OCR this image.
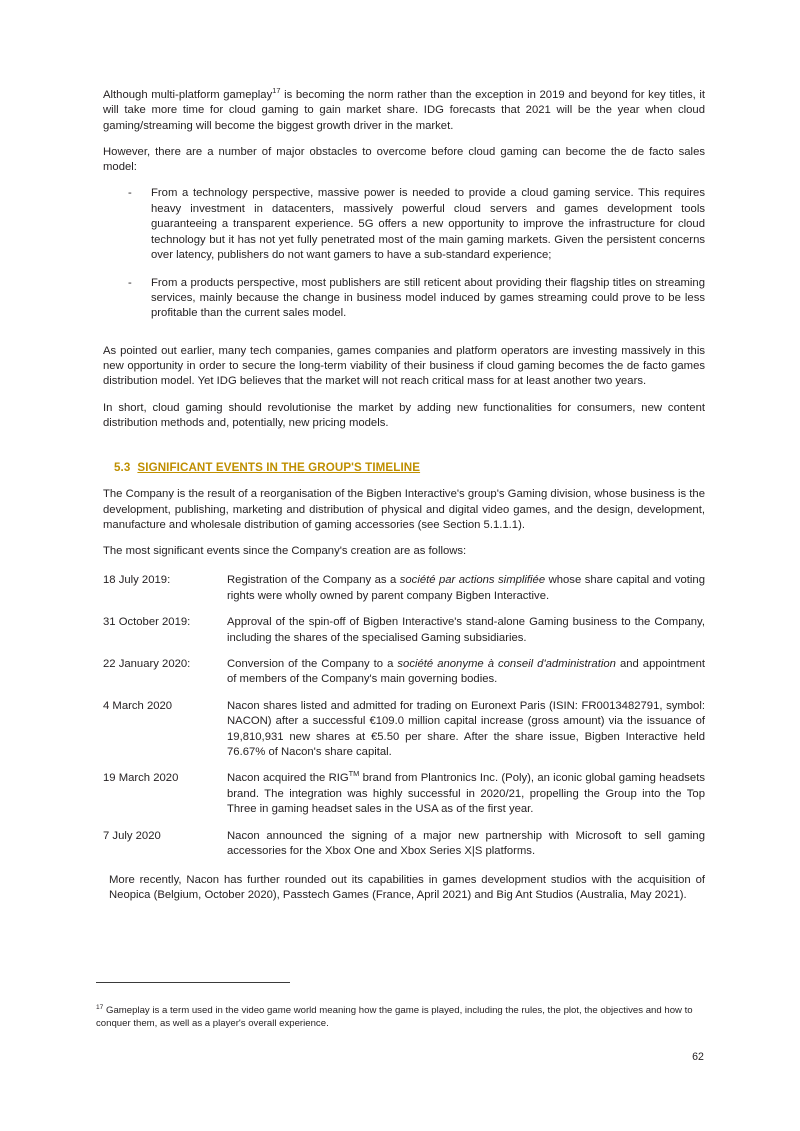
Although multi-platform gameplay$^{17}$ is becoming the norm rather than the exception in 2019 and beyond for key titles, it will take more time for cloud gaming to gain market share. IDG forecasts that 2021 will be the year when cloud gaming/streaming will become the biggest growth driver in the market.

However, there are a number of major obstacles to overcome before cloud gaming can become the de facto sales model:

- From a technology perspective, massive power is needed to provide a cloud gaming service. This requires heavy investment in datacenters, massively powerful cloud servers and games development tools guaranteeing a transparent experience. 5G offers a new opportunity to improve the infrastructure for cloud technology but it has not yet fully penetrated most of the main gaming markets. Given the persistent concerns over latency, publishers do not want gamers to have a sub-standard experience;
- From a products perspective, most publishers are still reticent about providing their flagship titles on streaming services, mainly because the change in business model induced by games streaming could prove to be less profitable than the current sales model.

As pointed out earlier, many tech companies, games companies and platform operators are investing massively in this new opportunity in order to secure the long-term viability of their business if cloud gaming becomes the de facto games distribution model. Yet IDG believes that the market will not reach critical mass for at least another two years.

In short, cloud gaming should revolutionise the market by adding new functionalities for consumers, new content distribution methods and, potentially, new pricing models.

5.3 SIGNIFICANT EVENTS IN THE GROUP'S TIMELINE

The Company is the result of a reorganisation of the Bigben Interactive's group's Gaming division, whose business is the development, publishing, marketing and distribution of physical and digital video games, and the design, development, manufacture and wholesale distribution of gaming accessories (see Section 5.1.1.1).

The most significant events since the Company's creation are as follows:

18 July 2019:	Registration of the Company as a société par actions simplifiée whose share capital and voting rights were wholly owned by parent company Bigben Interactive.
31 October 2019:	Approval of the spin-off of Bigben Interactive's stand-alone Gaming business to the Company, including the shares of the specialised Gaming subsidiaries.
22 January 2020:	Conversion of the Company to a société anonyme à conseil d'administration and appointment of members of the Company's main governing bodies.
4 March 2020	Nacon shares listed and admitted for trading on Euronext Paris (ISIN: FR0013482791, symbol: NACON) after a successful €109.0 million capital increase (gross amount) via the issuance of 19,810,931 new shares at €5.50 per share. After the share issue, Bigben Interactive held 76.67% of Nacon's share capital.
19 March 2020	Nacon acquired the RIG™ brand from Plantronics Inc. (Poly), an iconic global gaming headsets brand. The integration was highly successful in 2020/21, propelling the Group into the Top Three in gaming headset sales in the USA as of the first year.
7 July 2020	Nacon announced the signing of a major new partnership with Microsoft to sell gaming accessories for the Xbox One and Xbox Series X|S platforms.

More recently, Nacon has further rounded out its capabilities in games development studios with the acquisition of Neopica (Belgium, October 2020), Passtech Games (France, April 2021) and Big Ant Studios (Australia, May 2021).

$^{17}$ Gameplay is a term used in the video game world meaning how the game is played, including the rules, the plot, the objectives and how to conquer them, as well as a player's overall experience.
62
